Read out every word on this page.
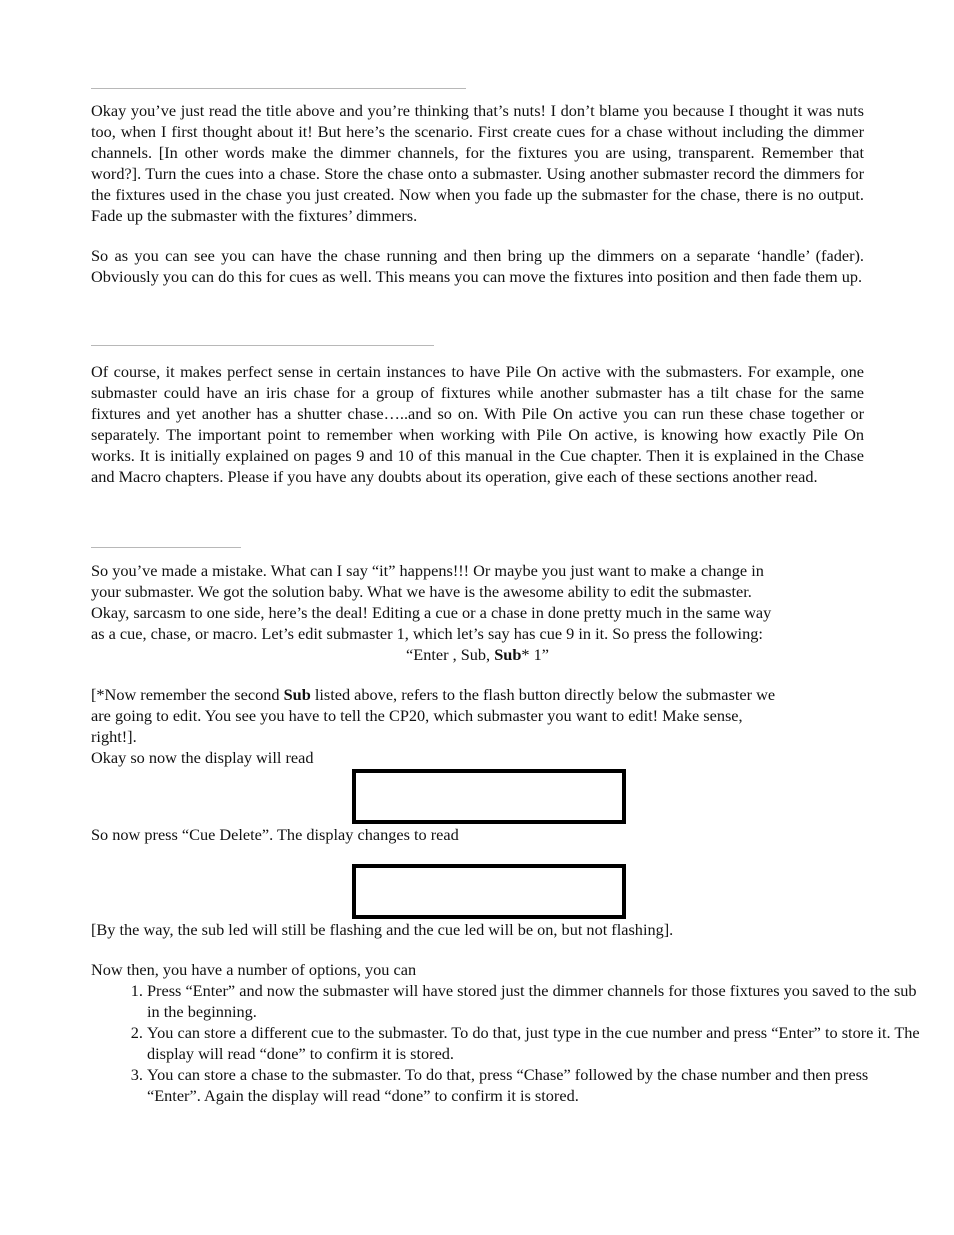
Okay you’ve just read the title above and you’re thinking that’s nuts! I don’t blame you because I thought it was nuts too, when I first thought about it! But here’s the scenario. First create cues for a chase without including the dimmer channels. [In other words make the dimmer channels, for the fixtures you are using, transparent. Remember that word?]. Turn the cues into a chase. Store the chase onto a submaster. Using another submaster record the dimmers for the fixtures used in the chase you just created. Now when you fade up the submaster for the chase, there is no output. Fade up the submaster with the fixtures’ dimmers.

So as you can see you can have the chase running and then bring up the dimmers on a separate ‘handle’ (fader). Obviously you can do this for cues as well. This means you can move the fixtures into position and then fade them up.

Of course, it makes perfect sense in certain instances to have Pile On active with the submasters. For example, one submaster could have an iris chase for a group of fixtures while another submaster has a tilt chase for the same fixtures and yet another has a shutter chase…..and so on. With Pile On active you can run these chase together or separately. The important point to remember when working with Pile On active, is knowing how exactly Pile On works. It is initially explained on pages 9 and 10 of this manual in the Cue chapter. Then it is explained in the Chase and Macro chapters. Please if you have any doubts about its operation, give each of these sections another read.

So you’ve made a mistake. What can I say “it” happens!!! Or maybe you just want to make a change in

your submaster. We got the solution baby. What we have is the awesome ability to edit the submaster.

Okay, sarcasm to one side, here’s the deal! Editing a cue or a chase in done pretty much in the same way

as a cue, chase, or macro. Let’s edit submaster 1, which let’s say has cue 9 in it. So press the following:

“Enter , Sub, Sub* 1”

[*Now remember the second Sub listed above, refers to the flash button directly below the submaster we

are going to edit. You see you have to tell the CP20, which submaster you want to edit! Make sense,

right!].

Okay so now the display will read

So now press “Cue Delete”. The display changes to read

[By the way, the sub led will still be flashing and the cue led will be on, but not flashing].

Now then, you have a number of options, you can

1. Press “Enter” and now the submaster will have stored just the dimmer channels for those fixtures you saved to the sub in the beginning.
2. You can store a different cue to the submaster. To do that, just type in the cue number and press “Enter” to store it. The display will read “done” to confirm it is stored.
3. You can store a chase to the submaster. To do that, press “Chase” followed by the chase number and then press “Enter”. Again the display will read “done” to confirm it is stored.
